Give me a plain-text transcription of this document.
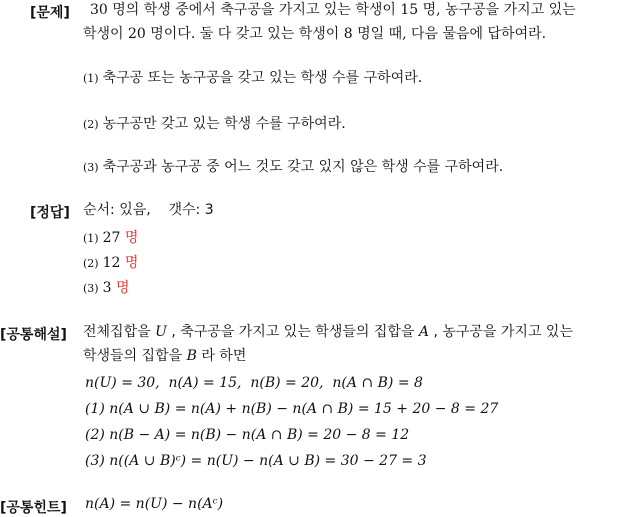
[문제] 30 명의 학생 중에서 축구공을 가지고 있는 학생이 15 명, 농구공을 가지고 있는
학생이 20 명이다. 둘 다 갖고 있는 학생이 8 명일 때, 다음 물음에 답하여라.
(1) 축구공 또는 농구공을 갖고 있는 학생 수를 구하여라.
(2) 농구공만 갖고 있는 학생 수를 구하여라.
(3) 축구공과 농구공 중 어느 것도 갖고 있지 않은 학생 수를 구하여라.
[정답] 순서: 있음,    갯수: 3
(1) 27 명
(2) 12 명
(3) 3 명
[공통해설] 전체집합을 U , 축구공을 가지고 있는 학생들의 집합을 A , 농구공을 가지고 있는
학생들의 집합을 B 라 하면
n(U) = 30,  n(A) = 15,  n(B) = 20,  n(A ∩ B) = 8
(1) n(A ∪ B) = n(A) + n(B) − n(A ∩ B) = 15 + 20 − 8 = 27
(2) n(B − A) = n(B) − n(A ∩ B) = 20 − 8 = 12
(3) n((A ∪ B)ᶜ) = n(U) − n(A ∪ B) = 30 − 27 = 3
[공통힌트] n(A) = n(U) − n(Aᶜ)
